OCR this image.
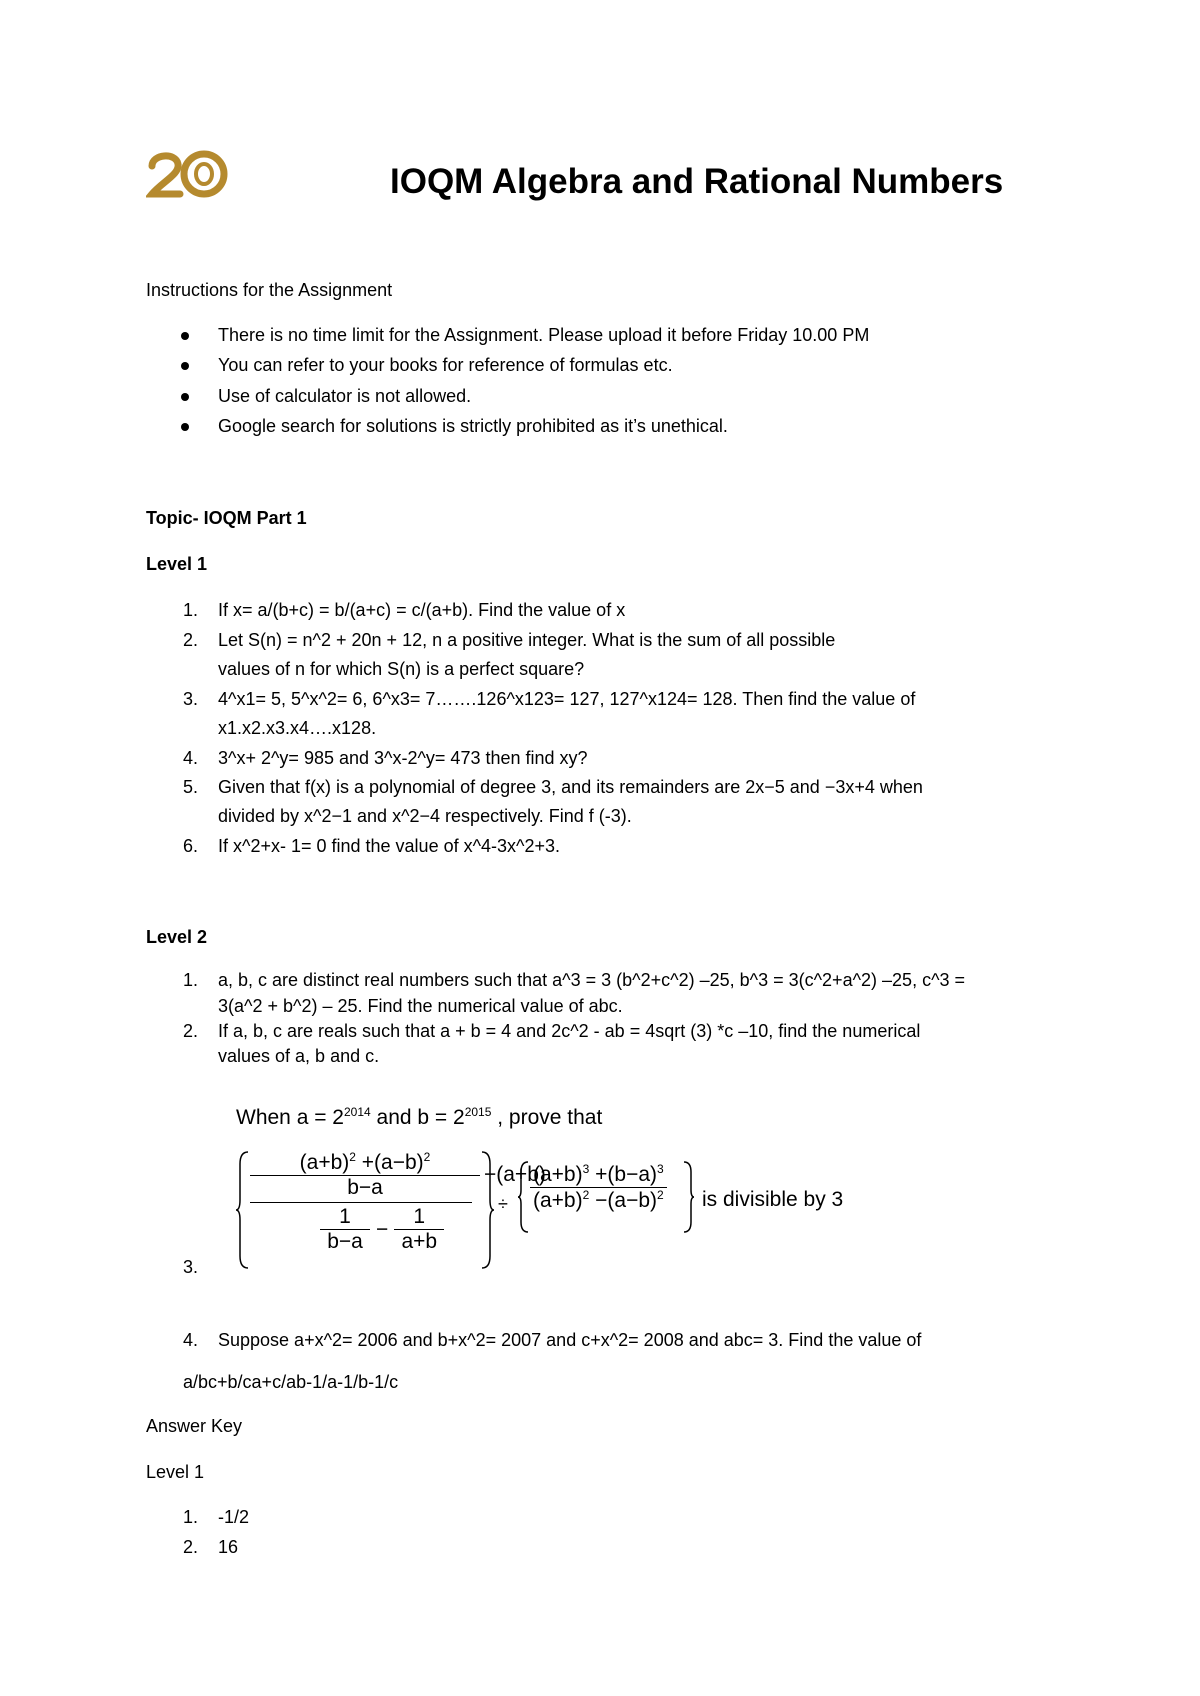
IOQM Algebra and Rational Numbers
Instructions for the Assignment
There is no time limit for the Assignment. Please upload it before Friday 10.00 PM
You can refer to your books for reference of formulas etc.
Use of calculator is not allowed.
Google search for solutions is strictly prohibited as it’s unethical.
Topic- IOQM Part 1
Level 1
1. If x= a/(b+c) = b/(a+c) = c/(a+b). Find the value of x
2. Let S(n) = n^2 + 20n + 12, n a positive integer. What is the sum of all possible
values of n for which S(n) is a perfect square?
3. 4^x1= 5, 5^x^2= 6, 6^x3= 7…….126^x123= 127, 127^x124= 128. Then find the value of
x1.x2.x3.x4….x128.
4. 3^x+ 2^y= 985 and 3^x-2^y= 473 then find xy?
5. Given that f(x) is a polynomial of degree 3, and its remainders are 2x−5 and −3x+4 when
divided by x^2−1 and x^2−4 respectively. Find f (-3).
6. If x^2+x- 1= 0 find the value of x^4-3x^2+3.
Level 2
1. a, b, c are distinct real numbers such that a^3 = 3 (b^2+c^2) –25, b^3 = 3(c^2+a^2) –25, c^3 =
3(a^2 + b^2) – 25. Find the numerical value of abc.
2. If a, b, c are reals such that a + b = 4 and 2c^2 - ab = 4sqrt (3) *c –10, find the numerical
values of a, b and c.
When $a = 2^{2014}$ and $b = 2^{2015}$ , prove that
$\frac{(a+b)^2 +(a-b)^2}{b-a} -(a+b)$
$\frac{1}{b-a} - \frac{1}{a+b}$
÷ $\frac{(a+b)^3 +(b-a)^3}{(a+b)^2 -(a-b)^2}$ is divisible by 3
3.
4. Suppose a+x^2= 2006 and b+x^2= 2007 and c+x^2= 2008 and abc= 3. Find the value of
a/bc+b/ca+c/ab-1/a-1/b-1/c
Answer Key
Level 1
1. -1/2
2. 16
